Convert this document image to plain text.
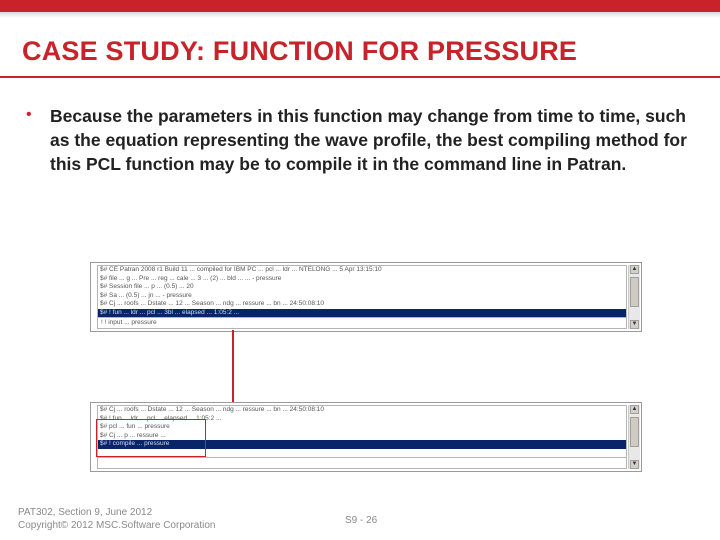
CASE STUDY: FUNCTION FOR PRESSURE
• Because the parameters in this function may change from time to time, such as the equation representing the wave profile, the best compiling method for this PCL function may be to compile it in the command line in Patran.
$# CE Patran 2008 r1 Build 11 ... compiled for IBM PC ... pcl ... ldr ... NTELONG ... 5 Apr 13:15:10
$# file ... g ... Pre ... reg ... cale ... 3 ... (2) ... bld ... ... - pressure
$# Session file ... p ... (0.5) ... 20
$# Sa ... (0.5) ... jn ... - pressure
$# Cj ... roofs ... Dstate ... 12 ... Season ... ndg ... ressure ... bn ... 24:50:08:10
$# ! fun ... ldr ... pcl ... 3bl ... elapsed ... 1:05:2 ...
! ! input ... pressure
▲
▼
$# Cj ... roofs ... Dstate ... 12 ... Season ... ndg ... ressure ... bn ... 24:50:08:10
$# ! fun ... ldr ... pcl ... elapsed ... 1:05:2 ...
$# pcl ... fun ... pressure
$# Cj ... p ... ressure ...
$# ! compile ... pressure
▲
▼
PAT302, Section 9, June 2012
Copyright© 2012 MSC.Software Corporation	S9 - 26
